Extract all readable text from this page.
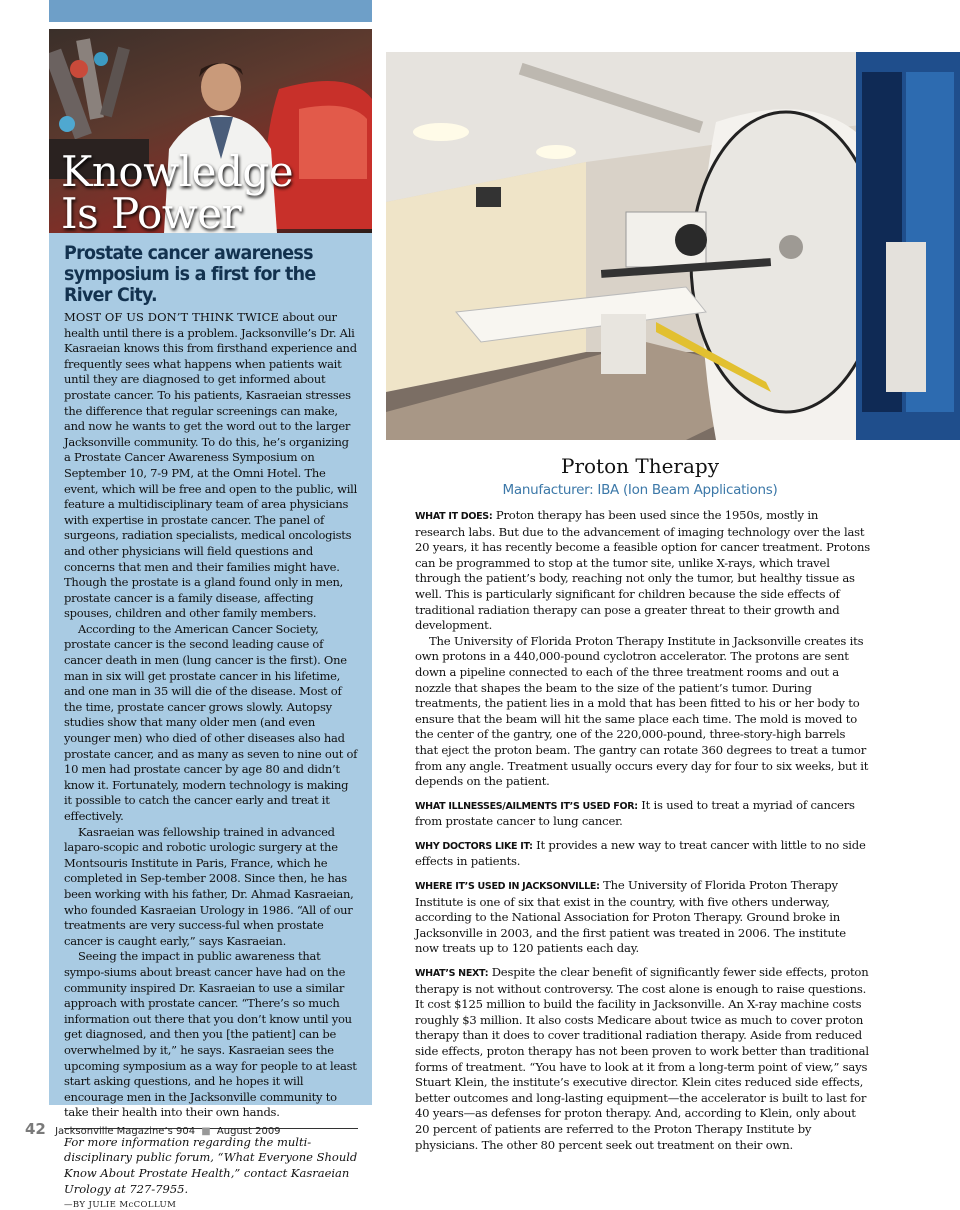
Knowledge
Is Power
Prostate cancer awareness symposium is a first for the River City.

MOST OF US DON’T THINK TWICE about our health until there is a problem. Jacksonville’s Dr. Ali Kasraeian knows this from firsthand experience and frequently sees what happens when patients wait until they are diagnosed to get informed about prostate cancer. To his patients, Kasraeian stresses the difference that regular screenings can make, and now he wants to get the word out to the larger Jacksonville community. To do this, he’s organizing a Prostate Cancer Awareness Symposium on September 10, 7-9 PM, at the Omni Hotel. The event, which will be free and open to the public, will feature a multidisciplinary team of area physicians with expertise in prostate cancer. The panel of surgeons, radiation specialists, medical oncologists and other physicians will field questions and concerns that men and their families might have. Though the prostate is a gland found only in men, prostate cancer is a family disease, affecting spouses, children and other family members.

According to the American Cancer Society, prostate cancer is the second leading cause of cancer death in men (lung cancer is the first). One man in six will get prostate cancer in his lifetime, and one man in 35 will die of the disease. Most of the time, prostate cancer grows slowly. Autopsy studies show that many older men (and even younger men) who died of other diseases also had prostate cancer, and as many as seven to nine out of 10 men had prostate cancer by age 80 and didn’t know it. Fortunately, modern technology is making it possible to catch the cancer early and treat it effectively.

Kasraeian was fellowship trained in advanced laparo-scopic and robotic urologic surgery at the Montsouris Institute in Paris, France, which he completed in Sep-tember 2008. Since then, he has been working with his father, Dr. Ahmad Kasraeian, who founded Kasraeian Urology in 1986. “All of our treatments are very success-ful when prostate cancer is caught early,” says Kasraeian.

Seeing the impact in public awareness that sympo-siums about breast cancer have had on the community inspired Dr. Kasraeian to use a similar approach with prostate cancer. “There’s so much information out there that you don’t know until you get diagnosed, and then you [the patient] can be overwhelmed by it,” he says. Kasraeian sees the upcoming symposium as a way for people to at least start asking questions, and he hopes it will encourage men in the Jacksonville community to take their health into their own hands.

For more information regarding the multi-disciplinary public forum, “What Everyone Should Know About Prostate Health,” contact Kasraeian Urology at 727-7955.

—BY JULIE McCOLLUM
Proton Therapy
Manufacturer: IBA (Ion Beam Applications)

WHAT IT DOES: Proton therapy has been used since the 1950s, mostly in research labs. But due to the advancement of imaging technology over the last 20 years, it has recently become a feasible option for cancer treatment. Protons can be programmed to stop at the tumor site, unlike X-rays, which travel through the patient’s body, reaching not only the tumor, but healthy tissue as well. This is particularly significant for children because the side effects of traditional radiation therapy can pose a greater threat to their growth and development.

The University of Florida Proton Therapy Institute in Jacksonville creates its own protons in a 440,000-pound cyclotron accelerator. The protons are sent down a pipeline connected to each of the three treatment rooms and out a nozzle that shapes the beam to the size of the patient’s tumor. During treatments, the patient lies in a mold that has been fitted to his or her body to ensure that the beam will hit the same place each time. The mold is moved to the center of the gantry, one of the 220,000-pound, three-story-high barrels that eject the proton beam. The gantry can rotate 360 degrees to treat a tumor from any angle. Treatment usually occurs every day for four to six weeks, but it depends on the patient.

WHAT ILLNESSES/AILMENTS IT’S USED FOR: It is used to treat a myriad of cancers from prostate cancer to lung cancer.

WHY DOCTORS LIKE IT: It provides a new way to treat cancer with little to no side effects in patients.

WHERE IT’S USED IN JACKSONVILLE: The University of Florida Proton Therapy Institute is one of six that exist in the country, with five others underway, according to the National Association for Proton Therapy. Ground broke in Jacksonville in 2003, and the first patient was treated in 2006. The institute now treats up to 120 patients each day.

WHAT’S NEXT: Despite the clear benefit of significantly fewer side effects, proton therapy is not without controversy. The cost alone is enough to raise questions. It cost $125 million to build the facility in Jacksonville. An X-ray machine costs roughly $3 million. It also costs Medicare about twice as much to cover proton therapy than it does to cover traditional radiation therapy. Aside from reduced side effects, proton therapy has not been proven to work better than traditional forms of treatment. “You have to look at it from a long-term point of view,” says Stuart Klein, the institute’s executive director. Klein cites reduced side effects, better outcomes and long-lasting equipment—the accelerator is built to last for 40 years—as defenses for proton therapy. And, according to Klein, only about 20 percent of patients are referred to the Proton Therapy Institute by physicians. The other 80 percent seek out treatment on their own.

42 Jacksonville Magazine’s 904 ■ August 2009
